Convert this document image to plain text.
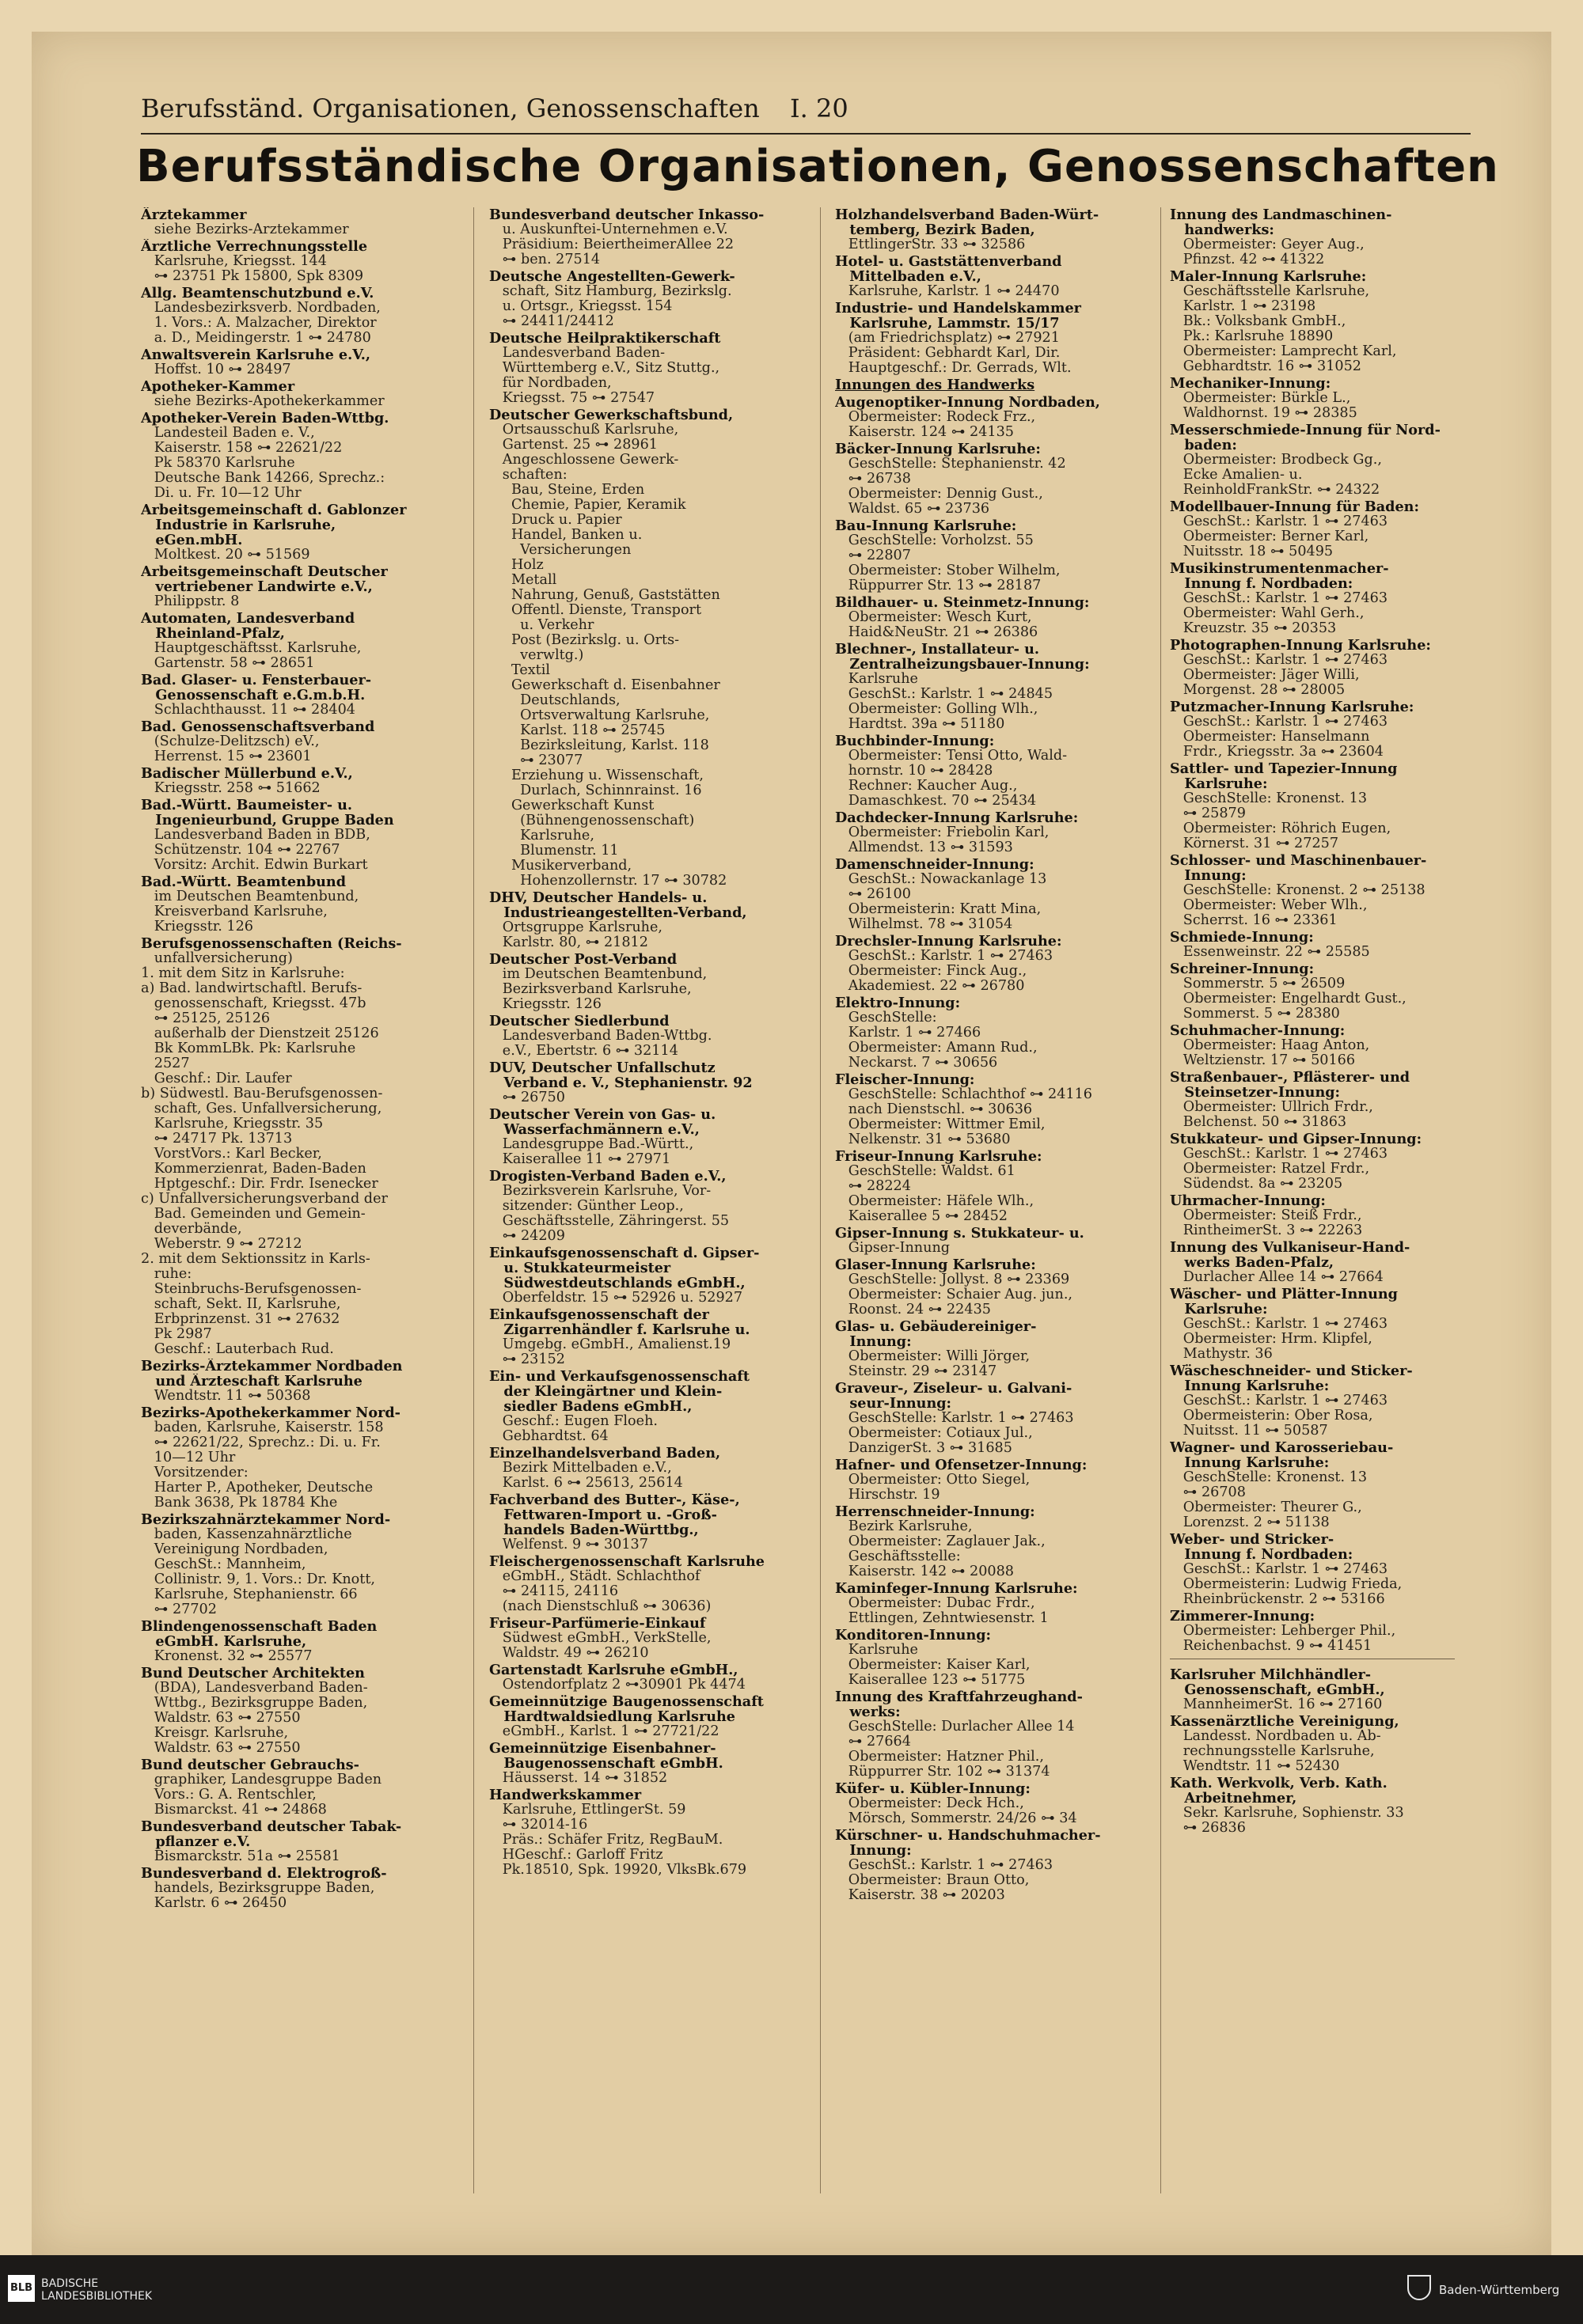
Berufsständ. Organisationen, Genossenschaften I. 20
Berufsständische Organisationen, Genossenschaften
Ärztekammer
siehe Bezirks-Ärztekammer
Ärztliche Verrechnungsstelle
Karlsruhe, Kriegsst. 144
⊶ 23751 Pk 15800, Spk 8309
Allg. Beamtenschutzbund e.V.
Landesbezirksverb. Nordbaden,
1. Vors.: A. Malzacher, Direktor
a. D., Meidingerstr. 1 ⊶ 24780
Anwaltsverein Karlsruhe e.V.,
Hoffst. 10 ⊶ 28497
Apotheker-Kammer
siehe Bezirks-Apothekerkammer
Apotheker-Verein Baden-Wttbg.
Landesteil Baden e. V.,
Kaiserstr. 158 ⊶ 22621/22
Pk 58370 Karlsruhe
Deutsche Bank 14266, Sprechz.:
Di. u. Fr. 10—12 Uhr
Arbeitsgemeinschaft d. Gablonzer
Industrie in Karlsruhe,
eGen.mbH.
Moltkest. 20 ⊶ 51569
Arbeitsgemeinschaft Deutscher
vertriebener Landwirte e.V.,
Philippstr. 8
Automaten, Landesverband
Rheinland-Pfalz,
Hauptgeschäftsst. Karlsruhe,
Gartenstr. 58 ⊶ 28651
Bad. Glaser- u. Fensterbauer-
Genossenschaft e.G.m.b.H.
Schlachthausst. 11 ⊶ 28404
Bad. Genossenschaftsverband
(Schulze-Delitzsch) eV.,
Herrenst. 15 ⊶ 23601
Badischer Müllerbund e.V.,
Kriegsstr. 258 ⊶ 51662
Bad.-Württ. Baumeister- u.
Ingenieurbund, Gruppe Baden
Landesverband Baden in BDB,
Schützenstr. 104 ⊶ 22767
Vorsitz: Archit. Edwin Burkart
Bad.-Württ. Beamtenbund
im Deutschen Beamtenbund,
Kreisverband Karlsruhe,
Kriegsstr. 126
Berufsgenossenschaften (Reichs-
unfallversicherung)
1. mit dem Sitz in Karlsruhe:
a) Bad. landwirtschaftl. Berufs-
genossenschaft, Kriegsst. 47b
⊶ 25125, 25126
außerhalb der Dienstzeit 25126
Bk KommLBk. Pk: Karlsruhe
2527
Geschf.: Dir. Laufer
b) Südwestl. Bau-Berufsgenossen-
schaft, Ges. Unfallversicherung,
Karlsruhe, Kriegsstr. 35
⊶ 24717 Pk. 13713
VorstVors.: Karl Becker,
Kommerzienrat, Baden-Baden
Hptgeschf.: Dir. Frdr. Isenecker
c) Unfallversicherungsverband der
Bad. Gemeinden und Gemein-
deverbände,
Weberstr. 9 ⊶ 27212
2. mit dem Sektionssitz in Karls-
ruhe:
Steinbruchs-Berufsgenossen-
schaft, Sekt. II, Karlsruhe,
Erbprinzenst. 31 ⊶ 27632
Pk 2987
Geschf.: Lauterbach Rud.
Bezirks-Ärztekammer Nordbaden
und Ärzteschaft Karlsruhe
Wendtstr. 11 ⊶ 50368
Bezirks-Apothekerkammer Nord-
baden, Karlsruhe, Kaiserstr. 158
⊶ 22621/22, Sprechz.: Di. u. Fr.
10—12 Uhr
Vorsitzender:
Harter P., Apotheker, Deutsche
Bank 3638, Pk 18784 Khe
Bezirkszahnärztekammer Nord-
baden, Kassenzahnärztliche
Vereinigung Nordbaden,
GeschSt.: Mannheim,
Collinistr. 9, 1. Vors.: Dr. Knott,
Karlsruhe, Stephanienstr. 66
⊶ 27702
Blindengenossenschaft Baden
eGmbH. Karlsruhe,
Kronenst. 32 ⊶ 25577
Bund Deutscher Architekten
(BDA), Landesverband Baden-
Wttbg., Bezirksgruppe Baden,
Waldstr. 63 ⊶ 27550
Kreisgr. Karlsruhe,
Waldstr. 63 ⊶ 27550
Bund deutscher Gebrauchs-
graphiker, Landesgruppe Baden
Vors.: G. A. Rentschler,
Bismarckst. 41 ⊶ 24868
Bundesverband deutscher Tabak-
pflanzer e.V.
Bismarckstr. 51a ⊶ 25581
Bundesverband d. Elektrogroß-
handels, Bezirksgruppe Baden,
Karlstr. 6 ⊶ 26450
Bundesverband deutscher Inkasso-
u. Auskunftei-Unternehmen e.V.
Präsidium: BeiertheimerAllee 22
⊶ ben. 27514
Deutsche Angestellten-Gewerk-
schaft, Sitz Hamburg, Bezirkslg.
u. Ortsgr., Kriegsst. 154
⊶ 24411/24412
Deutsche Heilpraktikerschaft
Landesverband Baden-
Württemberg e.V., Sitz Stuttg.,
für Nordbaden,
Kriegsst. 75 ⊶ 27547
Deutscher Gewerkschaftsbund,
Ortsausschuß Karlsruhe,
Gartenst. 25 ⊶ 28961
Angeschlossene Gewerk-
schaften:
Bau, Steine, Erden
Chemie, Papier, Keramik
Druck u. Papier
Handel, Banken u.
Versicherungen
Holz
Metall
Nahrung, Genuß, Gaststätten
Öffentl. Dienste, Transport
u. Verkehr
Post (Bezirkslg. u. Orts-
verwltg.)
Textil
Gewerkschaft d. Eisenbahner
Deutschlands,
Ortsverwaltung Karlsruhe,
Karlst. 118 ⊶ 25745
Bezirksleitung, Karlst. 118
⊶ 23077
Erziehung u. Wissenschaft,
Durlach, Schinnrainst. 16
Gewerkschaft Kunst
(Bühnengenossenschaft)
Karlsruhe,
Blumenstr. 11
Musikerverband,
Hohenzollernstr. 17 ⊶ 30782
DHV, Deutscher Handels- u.
Industrieangestellten-Verband,
Ortsgruppe Karlsruhe,
Karlstr. 80, ⊶ 21812
Deutscher Post-Verband
im Deutschen Beamtenbund,
Bezirksverband Karlsruhe,
Kriegsstr. 126
Deutscher Siedlerbund
Landesverband Baden-Wttbg.
e.V., Ebertstr. 6 ⊶ 32114
DUV, Deutscher Unfallschutz
Verband e. V., Stephanienstr. 92
⊶ 26750
Deutscher Verein von Gas- u.
Wasserfachmännern e.V.,
Landesgruppe Bad.-Württ.,
Kaiserallee 11 ⊶ 27971
Drogisten-Verband Baden e.V.,
Bezirksverein Karlsruhe, Vor-
sitzender: Günther Leop.,
Geschäftsstelle, Zähringerst. 55
⊶ 24209
Einkaufsgenossenschaft d. Gipser-
u. Stukkateurmeister
Südwestdeutschlands eGmbH.,
Oberfeldstr. 15 ⊶ 52926 u. 52927
Einkaufsgenossenschaft der
Zigarrenhändler f. Karlsruhe u.
Umgebg. eGmbH., Amalienst.19
⊶ 23152
Ein- und Verkaufsgenossenschaft
der Kleingärtner und Klein-
siedler Badens eGmbH.,
Geschf.: Eugen Floeh.
Gebhardtst. 64
Einzelhandelsverband Baden,
Bezirk Mittelbaden e.V.,
Karlst. 6 ⊶ 25613, 25614
Fachverband des Butter-, Käse-,
Fettwaren-Import u. -Groß-
handels Baden-Württbg.,
Welfenst. 9 ⊶ 30137
Fleischergenossenschaft Karlsruhe
eGmbH., Städt. Schlachthof
⊶ 24115, 24116
(nach Dienstschluß ⊶ 30636)
Friseur-Parfümerie-Einkauf
Südwest eGmbH., VerkStelle,
Waldstr. 49 ⊶ 26210
Gartenstadt Karlsruhe eGmbH.,
Ostendorfplatz 2 ⊶30901 Pk 4474
Gemeinnützige Baugenossenschaft
Hardtwaldsiedlung Karlsruhe
eGmbH., Karlst. 1 ⊶ 27721/22
Gemeinnützige Eisenbahner-
Baugenossenschaft eGmbH.
Häusserst. 14 ⊶ 31852
Handwerkskammer
Karlsruhe, EttlingerSt. 59
⊶ 32014-16
Präs.: Schäfer Fritz, RegBauM.
HGeschf.: Garloff Fritz
Pk.18510, Spk. 19920, VlksBk.679
Holzhandelsverband Baden-Würt-
temberg, Bezirk Baden,
EttlingerStr. 33 ⊶ 32586
Hotel- u. Gaststättenverband
Mittelbaden e.V.,
Karlsruhe, Karlstr. 1 ⊶ 24470
Industrie- und Handelskammer
Karlsruhe, Lammstr. 15/17
(am Friedrichsplatz) ⊶ 27921
Präsident: Gebhardt Karl, Dir.
Hauptgeschf.: Dr. Gerrads, Wlt.
Innungen des Handwerks
Augenoptiker-Innung Nordbaden,
Obermeister: Rodeck Frz.,
Kaiserstr. 124 ⊶ 24135
Bäcker-Innung Karlsruhe:
GeschStelle: Stephanienstr. 42
⊶ 26738
Obermeister: Dennig Gust.,
Waldst. 65 ⊶ 23736
Bau-Innung Karlsruhe:
GeschStelle: Vorholzst. 55
⊶ 22807
Obermeister: Stober Wilhelm,
Rüppurrer Str. 13 ⊶ 28187
Bildhauer- u. Steinmetz-Innung:
Obermeister: Wesch Kurt,
Haid&NeuStr. 21 ⊶ 26386
Blechner-, Installateur- u.
Zentralheizungsbauer-Innung:
Karlsruhe
GeschSt.: Karlstr. 1 ⊶ 24845
Obermeister: Golling Wlh.,
Hardtst. 39a ⊶ 51180
Buchbinder-Innung:
Obermeister: Tensi Otto, Wald-
hornstr. 10 ⊶ 28428
Rechner: Kaucher Aug.,
Damaschkest. 70 ⊶ 25434
Dachdecker-Innung Karlsruhe:
Obermeister: Friebolin Karl,
Allmendst. 13 ⊶ 31593
Damenschneider-Innung:
GeschSt.: Nowackanlage 13
⊶ 26100
Obermeisterin: Kratt Mina,
Wilhelmst. 78 ⊶ 31054
Drechsler-Innung Karlsruhe:
GeschSt.: Karlstr. 1 ⊶ 27463
Obermeister: Finck Aug.,
Akademiest. 22 ⊶ 26780
Elektro-Innung:
GeschStelle:
Karlstr. 1 ⊶ 27466
Obermeister: Amann Rud.,
Neckarst. 7 ⊶ 30656
Fleischer-Innung:
GeschStelle: Schlachthof ⊶ 24116
nach Dienstschl. ⊶ 30636
Obermeister: Wittmer Emil,
Nelkenstr. 31 ⊶ 53680
Friseur-Innung Karlsruhe:
GeschStelle: Waldst. 61
⊶ 28224
Obermeister: Häfele Wlh.,
Kaiserallee 5 ⊶ 28452
Gipser-Innung s. Stukkateur- u.
Gipser-Innung
Glaser-Innung Karlsruhe:
GeschStelle: Jollyst. 8 ⊶ 23369
Obermeister: Schaier Aug. jun.,
Roonst. 24 ⊶ 22435
Glas- u. Gebäudereiniger-
Innung:
Obermeister: Willi Jörger,
Steinstr. 29 ⊶ 23147
Graveur-, Ziseleur- u. Galvani-
seur-Innung:
GeschStelle: Karlstr. 1 ⊶ 27463
Obermeister: Cotiaux Jul.,
DanzigerSt. 3 ⊶ 31685
Hafner- und Ofensetzer-Innung:
Obermeister: Otto Siegel,
Hirschstr. 19
Herrenschneider-Innung:
Bezirk Karlsruhe,
Obermeister: Zaglauer Jak.,
Geschäftsstelle:
Kaiserstr. 142 ⊶ 20088
Kaminfeger-Innung Karlsruhe:
Obermeister: Dubac Frdr.,
Ettlingen, Zehntwiesenstr. 1
Konditoren-Innung:
Karlsruhe
Obermeister: Kaiser Karl,
Kaiserallee 123 ⊶ 51775
Innung des Kraftfahrzeughand-
werks:
GeschStelle: Durlacher Allee 14
⊶ 27664
Obermeister: Hatzner Phil.,
Rüppurrer Str. 102 ⊶ 31374
Küfer- u. Kübler-Innung:
Obermeister: Deck Hch.,
Mörsch, Sommerstr. 24/26 ⊶ 34
Kürschner- u. Handschuhmacher-
Innung:
GeschSt.: Karlstr. 1 ⊶ 27463
Obermeister: Braun Otto,
Kaiserstr. 38 ⊶ 20203
Innung des Landmaschinen-
handwerks:
Obermeister: Geyer Aug.,
Pfinzst. 42 ⊶ 41322
Maler-Innung Karlsruhe:
Geschäftsstelle Karlsruhe,
Karlstr. 1 ⊶ 23198
Bk.: Volksbank GmbH.,
Pk.: Karlsruhe 18890
Obermeister: Lamprecht Karl,
Gebhardtstr. 16 ⊶ 31052
Mechaniker-Innung:
Obermeister: Bürkle L.,
Waldhornst. 19 ⊶ 28385
Messerschmiede-Innung für Nord-
baden:
Obermeister: Brodbeck Gg.,
Ecke Amalien- u.
ReinholdFrankStr. ⊶ 24322
Modellbauer-Innung für Baden:
GeschSt.: Karlstr. 1 ⊶ 27463
Obermeister: Berner Karl,
Nuitsstr. 18 ⊶ 50495
Musikinstrumentenmacher-
Innung f. Nordbaden:
GeschSt.: Karlstr. 1 ⊶ 27463
Obermeister: Wahl Gerh.,
Kreuzstr. 35 ⊶ 20353
Photographen-Innung Karlsruhe:
GeschSt.: Karlstr. 1 ⊶ 27463
Obermeister: Jäger Willi,
Morgenst. 28 ⊶ 28005
Putzmacher-Innung Karlsruhe:
GeschSt.: Karlstr. 1 ⊶ 27463
Obermeister: Hanselmann
Frdr., Kriegsstr. 3a ⊶ 23604
Sattler- und Tapezier-Innung
Karlsruhe:
GeschStelle: Kronenst. 13
⊶ 25879
Obermeister: Röhrich Eugen,
Körnerst. 31 ⊶ 27257
Schlosser- und Maschinenbauer-
Innung:
GeschStelle: Kronenst. 2 ⊶ 25138
Obermeister: Weber Wlh.,
Scherrst. 16 ⊶ 23361
Schmiede-Innung:
Essenweinstr. 22 ⊶ 25585
Schreiner-Innung:
Sommerstr. 5 ⊶ 26509
Obermeister: Engelhardt Gust.,
Sommerst. 5 ⊶ 28380
Schuhmacher-Innung:
Obermeister: Haag Anton,
Weltzienstr. 17 ⊶ 50166
Straßenbauer-, Pflästerer- und
Steinsetzer-Innung:
Obermeister: Ullrich Frdr.,
Belchenst. 50 ⊶ 31863
Stukkateur- und Gipser-Innung:
GeschSt.: Karlstr. 1 ⊶ 27463
Obermeister: Ratzel Frdr.,
Südendst. 8a ⊶ 23205
Uhrmacher-Innung:
Obermeister: Steiß Frdr.,
RintheimerSt. 3 ⊶ 22263
Innung des Vulkaniseur-Hand-
werks Baden-Pfalz,
Durlacher Allee 14 ⊶ 27664
Wäscher- und Plätter-Innung
Karlsruhe:
GeschSt.: Karlstr. 1 ⊶ 27463
Obermeister: Hrm. Klipfel,
Mathystr. 36
Wäscheschneider- und Sticker-
Innung Karlsruhe:
GeschSt.: Karlstr. 1 ⊶ 27463
Obermeisterin: Ober Rosa,
Nuitsst. 11 ⊶ 50587
Wagner- und Karosseriebau-
Innung Karlsruhe:
GeschStelle: Kronenst. 13
⊶ 26708
Obermeister: Theurer G.,
Lorenzst. 2 ⊶ 51138
Weber- und Stricker-
Innung f. Nordbaden:
GeschSt.: Karlstr. 1 ⊶ 27463
Obermeisterin: Ludwig Frieda,
Rheinbrückenstr. 2 ⊶ 53166
Zimmerer-Innung:
Obermeister: Lehberger Phil.,
Reichenbachst. 9 ⊶ 41451
Karlsruher Milchhändler-
Genossenschaft, eGmbH.,
MannheimerSt. 16 ⊶ 27160
Kassenärztliche Vereinigung,
Landesst. Nordbaden u. Ab-
rechnungsstelle Karlsruhe,
Wendtstr. 11 ⊶ 52430
Kath. Werkvolk, Verb. Kath.
Arbeitnehmer,
Sekr. Karlsruhe, Sophienstr. 33
⊶ 26836
BLB BADISCHE
LANDESBIBLIOTHEK	Baden-Württemberg
